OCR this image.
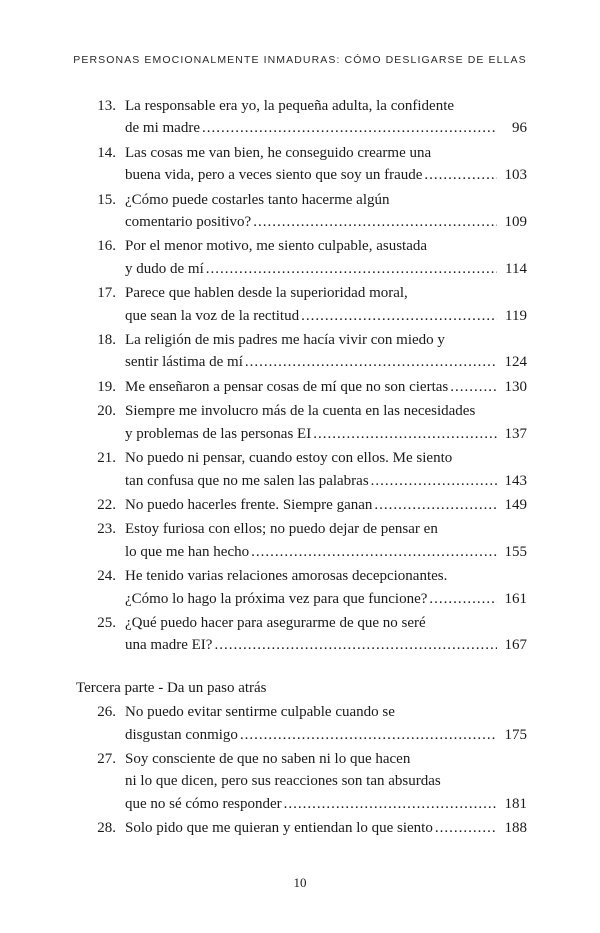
PERSONAS EMOCIONALMENTE INMADURAS: CÓMO DESLIGARSE DE ELLAS
13. La responsable era yo, la pequeña adulta, la confidente
de mi madre .....	96
14. Las cosas me van bien, he conseguido crearme una
buena vida, pero a veces siento que soy un fraude .....	103
15. ¿Cómo puede costarles tanto hacerme algún
comentario positivo? .....	109
16. Por el menor motivo, me siento culpable, asustada
y dudo de mí .....	114
17. Parece que hablen desde la superioridad moral,
que sean la voz de la rectitud .....	119
18. La religión de mis padres me hacía vivir con miedo y
sentir lástima de mí .....	124
19. Me enseñaron a pensar cosas de mí que no son ciertas .....	130
20. Siempre me involucro más de la cuenta en las necesidades
y problemas de las personas EI .....	137
21. No puedo ni pensar, cuando estoy con ellos. Me siento
tan confusa que no me salen las palabras .....	143
22. No puedo hacerles frente. Siempre ganan .....	149
23. Estoy furiosa con ellos; no puedo dejar de pensar en
lo que me han hecho .....	155
24. He tenido varias relaciones amorosas decepcionantes.
¿Cómo lo hago la próxima vez para que funcione? .....	161
25. ¿Qué puedo hacer para asegurarme de que no seré
una madre EI? .....	167
Tercera parte - Da un paso atrás
26. No puedo evitar sentirme culpable cuando se
disgustan conmigo .....	175
27. Soy consciente de que no saben ni lo que hacen
ni lo que dicen, pero sus reacciones son tan absurdas
que no sé cómo responder .....	181
28. Solo pido que me quieran y entiendan lo que siento .....	188
10
